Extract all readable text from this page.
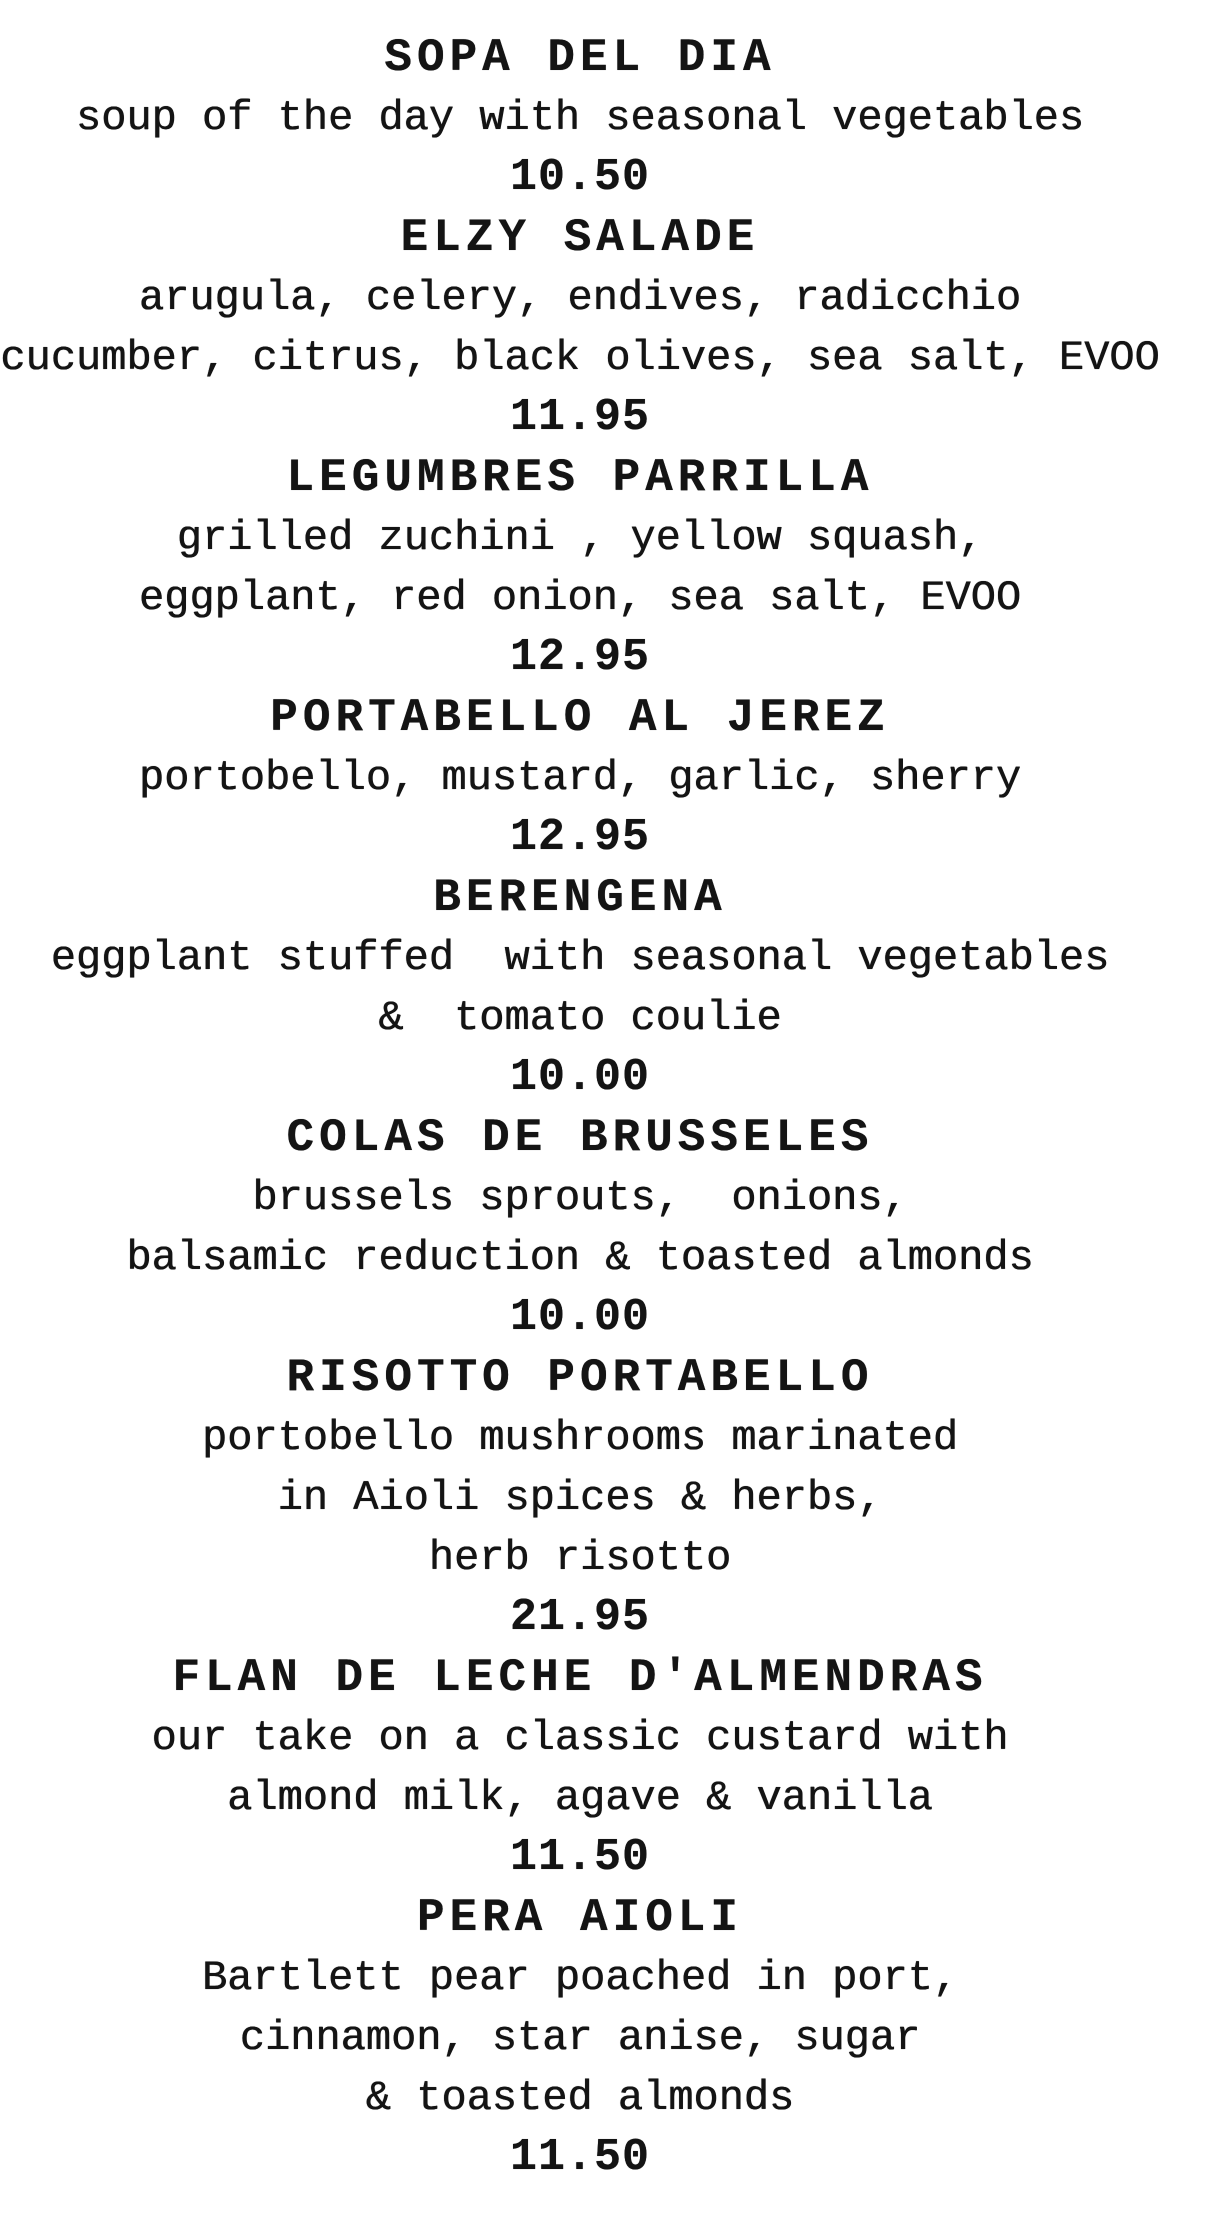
SOPA DEL DIA
soup of the day with seasonal vegetables
10.50
ELZY SALADE
arugula, celery, endives, radicchio
cucumber, citrus, black olives, sea salt, EVOO
11.95
LEGUMBRES PARRILLA
grilled zuchini , yellow squash,
eggplant, red onion, sea salt, EVOO
12.95
PORTABELLO AL JEREZ
portobello, mustard, garlic, sherry
12.95
BERENGENA
eggplant stuffed  with seasonal vegetables
&  tomato coulie
10.00
COLAS DE BRUSSELES
brussels sprouts,  onions,
balsamic reduction & toasted almonds
10.00
RISOTTO PORTABELLO
portobello mushrooms marinated
in Aioli spices & herbs,
herb risotto
21.95
FLAN DE LECHE D'ALMENDRAS
our take on a classic custard with
almond milk, agave & vanilla
11.50
PERA AIOLI
Bartlett pear poached in port,
cinnamon, star anise, sugar
& toasted almonds
11.50
